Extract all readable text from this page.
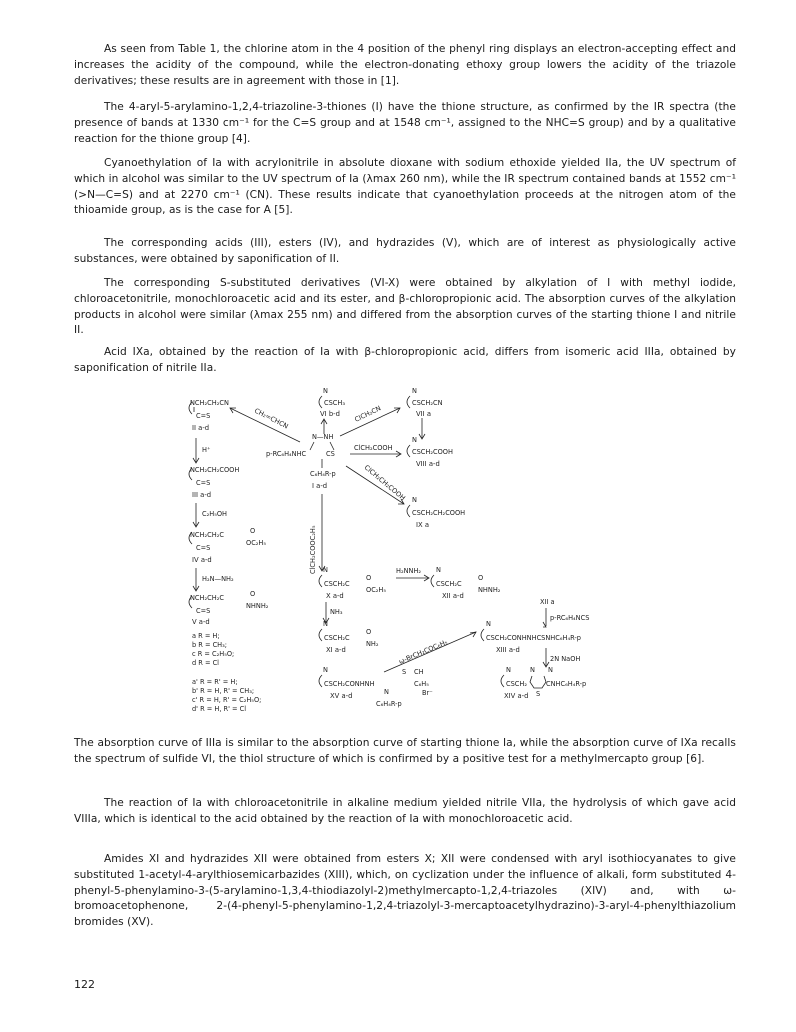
As seen from Table 1, the chlorine atom in the 4 position of the phenyl ring displays an electron-accepting effect and increases the acidity of the compound, while the electron-donating ethoxy group lowers the acidity of the triazole derivatives; these results are in agreement with those in [1].

The 4-aryl-5-arylamino-1,2,4-triazoline-3-thiones (I) have the thione structure, as confirmed by the IR spectra (the presence of bands at 1330 cm⁻¹ for the C=S group and at 1548 cm⁻¹, assigned to the NHC=S group) and by a qualitative reaction for the thione group [4].

Cyanoethylation of Ia with acrylonitrile in absolute dioxane with sodium ethoxide yielded IIa, the UV spectrum of which in alcohol was similar to the UV spectrum of Ia (λmax 260 nm), while the IR spectrum contained bands at 1552 cm⁻¹ (>N—C=S) and at 2270 cm⁻¹ (CN). These results indicate that cyanoethylation proceeds at the nitrogen atom of the thioamide group, as is the case for A [5].

The corresponding acids (III), esters (IV), and hydrazides (V), which are of interest as physiologically active substances, were obtained by saponification of II.

The corresponding S-substituted derivatives (VI-X) were obtained by alkylation of I with methyl iodide, chloroacetonitrile, monochloroacetic acid and its ester, and β-chloropropionic acid. The absorption curves of the alkylation products in alcohol were similar (λmax 255 nm) and differed from the absorption curves of the starting thione I and nitrile II.

Acid IXa, obtained by the reaction of Ia with β-chloropropionic acid, differs from isomeric acid IIIa, obtained by saponification of nitrile IIa.

NCH₂CH₂CN
C=S
II a-d
H⁺
NCH₂CH₂COOH
C=S
III a-d
C₂H₅OH
NCH₂CH₂C	O
OC₂H₅
C=S
IV a-d
H₂N—NH₂
NCH₂CH₂C	O
NHNH₂
C=S
V a-d
a R = H;
b R = CH₃;
c R = C₂H₅O;
d R = Cl
a' R = R' = H;
b' R = H, R' = CH₃;
c' R = H, R' = C₂H₅O;
d' R = H, R' = Cl
N—NH
p-RC₆H₄NHC	CS
C₆H₄R-p
I a-d
CH₂=CHCN
N
CSCH₃
VI b-d
N
CSCH₂CN
VII a
ClCH₂CN
N
CSCH₂COOH
VIII a-d
ClCH₂COOH
N
CSCH₂CH₂COOH
IX a
ClCH₂CH₂COOH
ClCH₂COOC₂H₅ N
CSCH₂C
O
OC₂H₅
X a-d
H₂NNH₂
NH₃
N
CSCH₂C
O
NH₂
XI a-d
N
CSCH₂C
O
NHNH₂
XII a-d
XII a
p-RC₆H₄NCS
N
CSCH₂CONHNHCSNHC₆H₄R-p
XIII a-d
2N NaOH
N	N N
CSCH₂	CNHC₆H₄R-p
S
XIV a-d
ω-BrCH₂COC₆H₅
N
CSCH₂CONHNH
CH
S
C₆H₅
Br⁻
N
C₆H₄R-p
XV a-d

The absorption curve of IIIa is similar to the absorption curve of starting thione Ia, while the absorption curve of IXa recalls the spectrum of sulfide VI, the thiol structure of which is confirmed by a positive test for a methylmercapto group [6].

The reaction of Ia with chloroacetonitrile in alkaline medium yielded nitrile VIIa, the hydrolysis of which gave acid VIIIa, which is identical to the acid obtained by the reaction of Ia with monochloroacetic acid.

Amides XI and hydrazides XII were obtained from esters X; XII were condensed with aryl isothiocyanates to give substituted 1-acetyl-4-arylthiosemicarbazides (XIII), which, on cyclization under the influence of alkali, form substituted 4-phenyl-5-phenylamino-3-(5-arylamino-1,3,4-thiodiazolyl-2)methylmercapto-1,2,4-triazoles (XIV) and, with ω-bromoacetophenone, 2-(4-phenyl-5-phenylamino-1,2,4-triazolyl-3-mercaptoacetylhydrazino)-3-aryl-4-phenylthiazolium bromides (XV).

122
